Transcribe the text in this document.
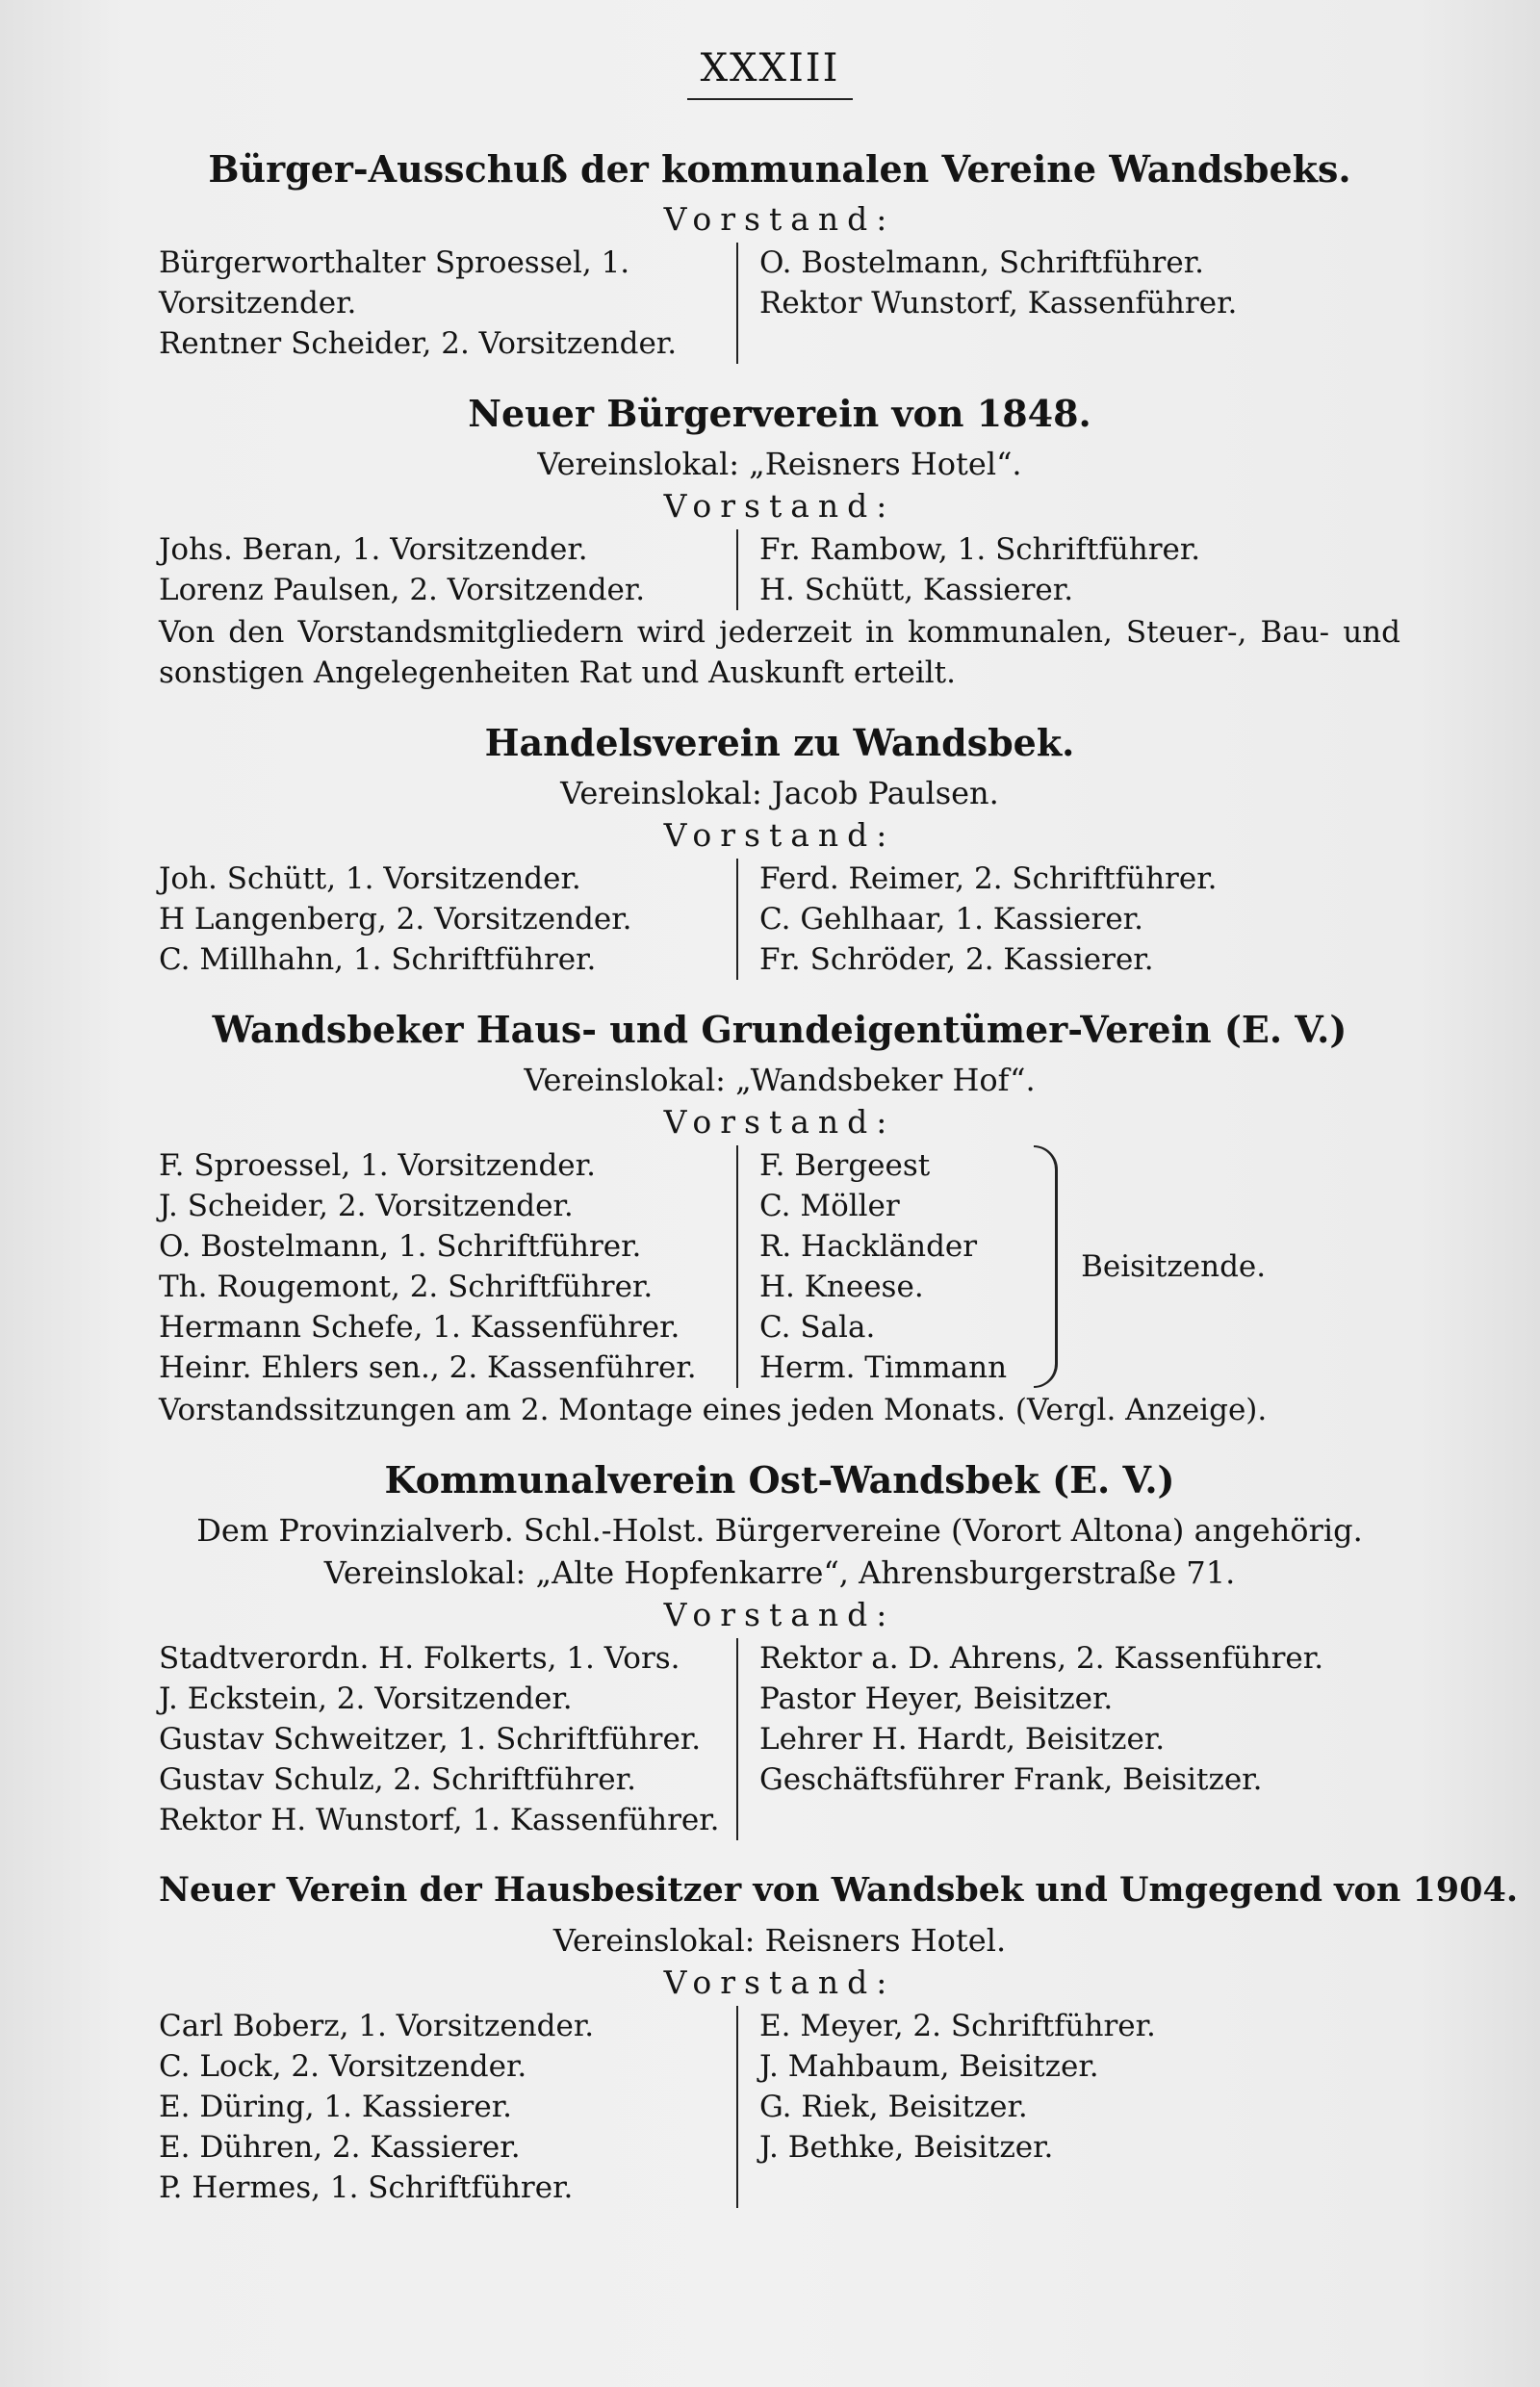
XXXIII
Bürger-Ausschuß der kommunalen Vereine Wandsbeks.
Vorstand:
Bürgerworthalter Sproessel, 1. Vorsitzender.
Rentner Scheider, 2. Vorsitzender.
O. Bostelmann, Schriftführer.
Rektor Wunstorf, Kassenführer.
Neuer Bürgerverein von 1848.
Vereinslokal: „Reisners Hotel“.
Vorstand:
Johs. Beran, 1. Vorsitzender.
Lorenz Paulsen, 2. Vorsitzender.
Fr. Rambow, 1. Schriftführer.
H. Schütt, Kassierer.
Von den Vorstandsmitgliedern wird jederzeit in kommunalen, Steuer-, Bau- und sonstigen Angelegenheiten Rat und Auskunft erteilt.
Handelsverein zu Wandsbek.
Vereinslokal: Jacob Paulsen.
Vorstand:
Joh. Schütt, 1. Vorsitzender.
H Langenberg, 2. Vorsitzender.
C. Millhahn, 1. Schriftführer.
Ferd. Reimer, 2. Schriftführer.
C. Gehlhaar, 1. Kassierer.
Fr. Schröder, 2. Kassierer.
Wandsbeker Haus- und Grundeigentümer-Verein (E. V.)
Vereinslokal: „Wandsbeker Hof“.
Vorstand:
F. Sproessel, 1. Vorsitzender.
J. Scheider, 2. Vorsitzender.
O. Bostelmann, 1. Schriftführer.
Th. Rougemont, 2. Schriftführer.
Hermann Schefe, 1. Kassenführer.
Heinr. Ehlers sen., 2. Kassenführer.
F. Bergeest
C. Möller
R. Hackländer
H. Kneese.
C. Sala.
Herm. Timmann
Beisitzende.
Vorstandssitzungen am 2. Montage eines jeden Monats. (Vergl. Anzeige).
Kommunalverein Ost-Wandsbek (E. V.)
Dem Provinzialverb. Schl.-Holst. Bürgervereine (Vorort Altona) angehörig.
Vereinslokal: „Alte Hopfenkarre“, Ahrensburgerstraße 71.
Vorstand:
Stadtverordn. H. Folkerts, 1. Vors.
J. Eckstein, 2. Vorsitzender.
Gustav Schweitzer, 1. Schriftführer.
Gustav Schulz, 2. Schriftführer.
Rektor H. Wunstorf, 1. Kassenführer.
Rektor a. D. Ahrens, 2. Kassenführer.
Pastor Heyer, Beisitzer.
Lehrer H. Hardt, Beisitzer.
Geschäftsführer Frank, Beisitzer.
Neuer Verein der Hausbesitzer von Wandsbek und Umgegend von 1904.
Vereinslokal: Reisners Hotel.
Vorstand:
Carl Boberz, 1. Vorsitzender.
C. Lock, 2. Vorsitzender.
E. Düring, 1. Kassierer.
E. Dühren, 2. Kassierer.
P. Hermes, 1. Schriftführer.
E. Meyer, 2. Schriftführer.
J. Mahbaum, Beisitzer.
G. Riek, Beisitzer.
J. Bethke, Beisitzer.
